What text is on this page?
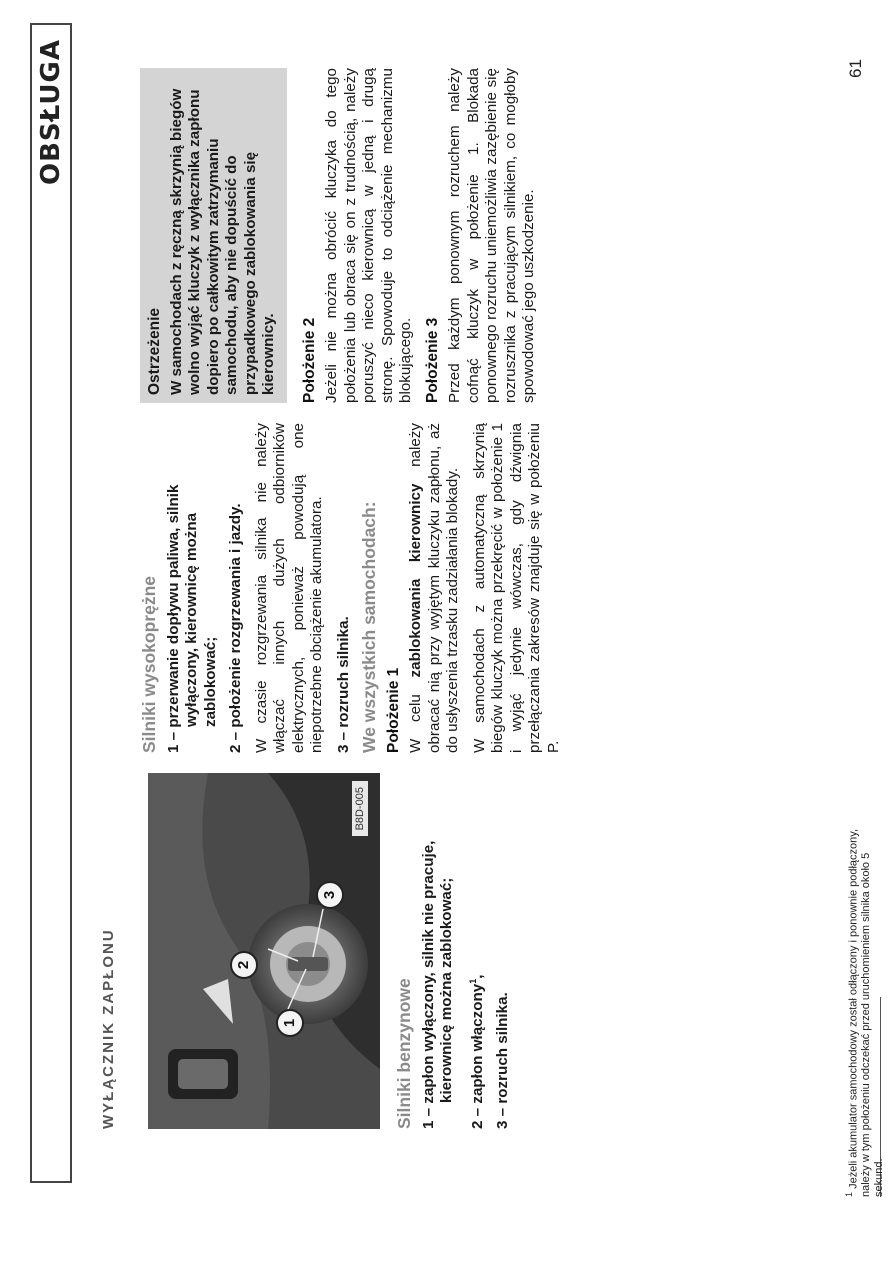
OBSŁUGA
WYŁĄCZNIK ZAPŁONU	1
2
3
B8D-005
Silniki benzynowe 1 – zapłon wyłączony, silnik nie pracuje, kierownicę można zablokować;
2 – zapłon włączony$^1$,
3 – rozruch silnika.
Silniki wysokoprężne 1 – przerwanie dopływu paliwa, silnik wyłączony, kierownicę można zablokować;
2 – położenie rozgrzewania i jazdy. W czasie rozgrzewania silnika nie należy włączać innych dużych odbiorników elektrycznych, ponieważ powodują one niepotrzebne obciążenie akumulatora. 3 – rozruch silnika. We wszystkich samochodach: Położenie 1 W celu zablokowania kierownicy należy obracać nią przy wyjętym kluczyku zapłonu, aż do usłyszenia trzasku zadziałania blokady. W samochodach z automatyczną skrzynią biegów kluczyk można przekręcić w położenie 1 i wyjąć jedynie wówczas, gdy dźwignia przełączania zakresów znajduje się w położeniu P.
Ostrzeżenie W samochodach z ręczną skrzynią biegów wolno wyjąć kluczyk z wyłącznika zapłonu dopiero po całkowitym zatrzymaniu samochodu, aby nie dopuścić do przypadkowego zablokowania się kierownicy. Położenie 2 Jeżeli nie można obrócić kluczyka do tego położenia lub obraca się on z trudnością, należy poruszyć nieco kierownicą w jedną i drugą stronę. Spowoduje to odciążenie mechanizmu blokującego. Położenie 3 Przed każdym ponownym rozruchem należy cofnąć kluczyk w położenie 1. Blokada ponownego rozruchu uniemożliwia zazębienie się rozrusznika z pracującym silnikiem, co mogłoby spowodować jego uszkodzenie.
$^1$ Jeżeli akumulator samochodowy został odłączony i ponownie podłączony, należy w tym położeniu odczekać przed uruchomieniem silnika około 5 sekund.
61
